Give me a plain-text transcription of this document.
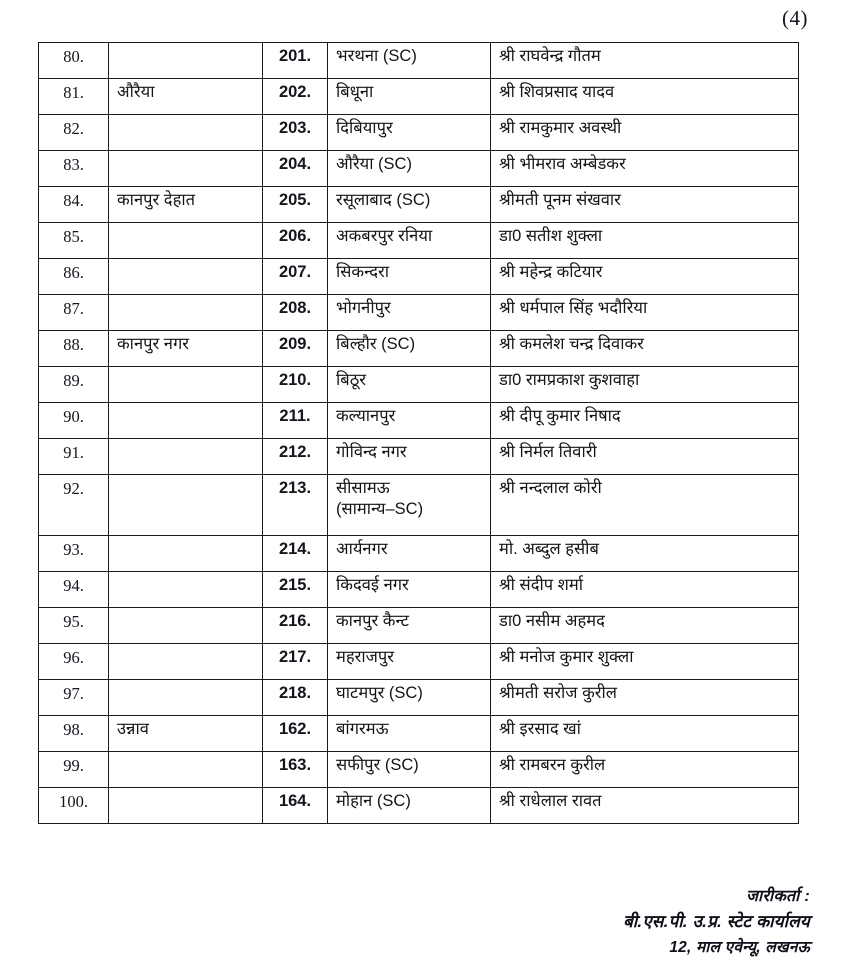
(4)
80.		201.	भरथना (SC)	श्री राघवेन्द्र गौतम
81.	औरैया	202.	बिधूना	श्री शिवप्रसाद यादव
82.		203.	दिबियापुर	श्री रामकुमार अवस्थी
83.		204.	औरैया (SC)	श्री भीमराव अम्बेडकर
84.	कानपुर देहात	205.	रसूलाबाद (SC)	श्रीमती पूनम संखवार
85.		206.	अकबरपुर रनिया	डा0 सतीश शुक्ला
86.		207.	सिकन्दरा	श्री महेन्द्र कटियार
87.		208.	भोगनीपुर	श्री धर्मपाल सिंह भदौरिया
88.	कानपुर नगर	209.	बिल्हौर (SC)	श्री कमलेश चन्द्र दिवाकर
89.		210.	बिठूर	डा0 रामप्रकाश कुशवाहा
90.		211.	कल्यानपुर	श्री दीपू कुमार निषाद
91.		212.	गोविन्द नगर	श्री निर्मल तिवारी
92.		213.	सीसामऊ
(सामान्य–SC)	श्री नन्दलाल कोरी
93.		214.	आर्यनगर	मो. अब्दुल हसीब
94.		215.	किदवई नगर	श्री संदीप शर्मा
95.		216.	कानपुर कैन्ट	डा0 नसीम अहमद
96.		217.	महराजपुर	श्री मनोज कुमार शुक्ला
97.		218.	घाटमपुर (SC)	श्रीमती सरोज कुरील
98.	उन्नाव	162.	बांगरमऊ	श्री इरसाद खां
99.		163.	सफीपुर (SC)	श्री रामबरन कुरील
100.		164.	मोहान (SC)	श्री राधेलाल रावत
जारीकर्ता :
बी.एस.पी. उ.प्र. स्टेट कार्यालय
12, माल एवेन्यू, लखनऊ
